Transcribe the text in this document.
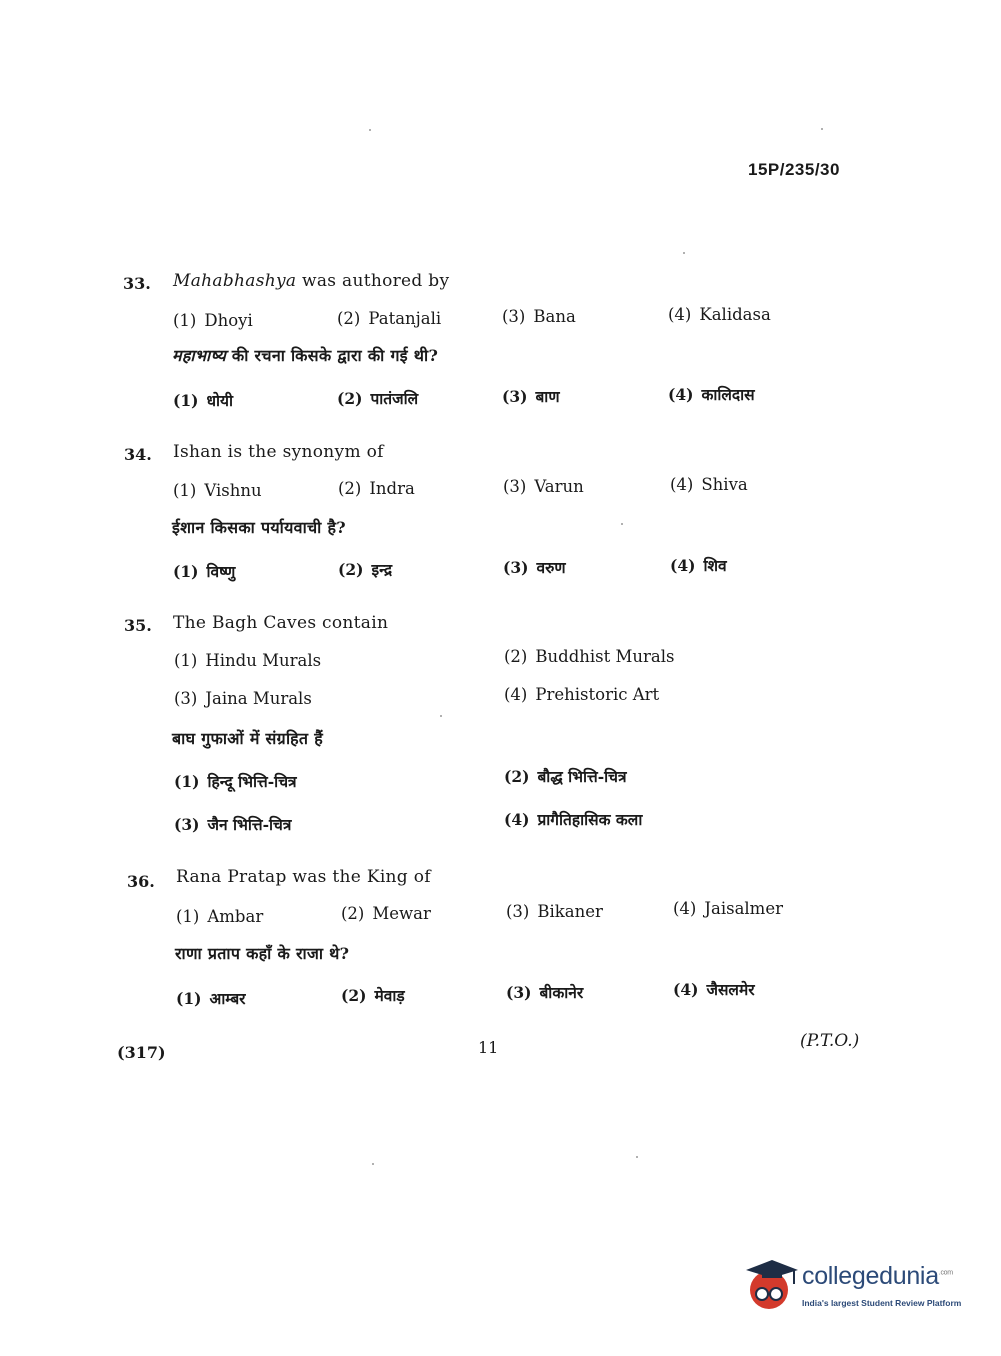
15P/235/30
33. Mahabhashya was authored by
(1) Dhoyi	(2) Patanjali	(3) Bana	(4) Kalidasa
महाभाष्य की रचना किसके द्वारा की गई थी?
(1) धोयी	(2) पातंजलि	(3) बाण	(4) कालिदास
34. Ishan is the synonym of
(1) Vishnu	(2) Indra	(3) Varun	(4) Shiva
ईशान किसका पर्यायवाची है?
(1) विष्णु	(2) इन्द्र	(3) वरुण	(4) शिव
35. The Bagh Caves contain
(1) Hindu Murals	(2) Buddhist Murals
(3) Jaina Murals	(4) Prehistoric Art
बाघ गुफाओं में संग्रहित हैं
(1) हिन्दू भित्ति-चित्र	(2) बौद्ध भित्ति-चित्र
(3) जैन भित्ति-चित्र	(4) प्रागैतिहासिक कला
36. Rana Pratap was the King of
(1) Ambar	(2) Mewar	(3) Bikaner	(4) Jaisalmer
राणा प्रताप कहाँ के राजा थे?
(1) आम्बर	(2) मेवाड़	(3) बीकानेर	(4) जैसलमेर
(317)	11	(P.T.O.)
collegedunia$^{.com}$
India's largest Student Review Platform
